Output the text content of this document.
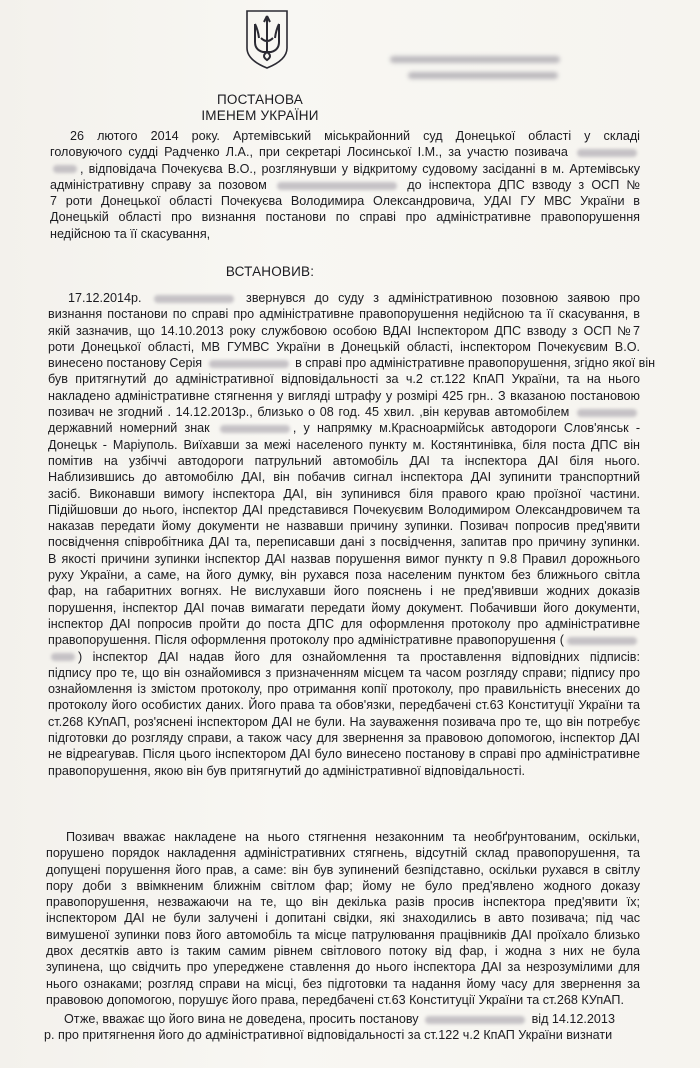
ПОСТАНОВА
ІМЕНЕМ УКРАЇНИ
26 лютого 2014 року. Артемівський міськрайонний суд Донецької області у складі
головуючого судді Радченко Л.А., при секретарі Лосинської І.М., за участю позивача
, відповідача Почекуєва В.О., розглянувши у відкритому судовому засіданні в м. Артемівську
адміністративну справу за позовом	до інспектора ДПС взводу з ОСП №
7 роти Донецької області Почекуєва Володимира Олександровича, УДАІ ГУ МВС України в
Донецькій області про визнання постанови по справі про адміністративне правопорушення
недійсною та її скасування,
ВСТАНОВИВ:
17.12.2014р.	звернувся до суду з адміністративною позовною заявою про
визнання постанови по справі про адміністративне правопорушення недійсною та її скасування, в
якій зазначив, що 14.10.2013 року службовою особою ВДАІ Інспектором ДПС взводу з ОСП №7
роти Донецької області, МВ ГУМВС України в Донецькій області, інспектором Почекуєвим В.О.
винесено постанову Серія	в справі про адміністративне правопорушення, згідно якої він
був притягнутий до адміністративної відповідальності за ч.2 ст.122 КпАП України, та на нього
накладено адміністративне стягнення у вигляді штрафу у розмірі 425 грн.. З вказаною постановою
позивач не згодний . 14.12.2013р., близько о 08 год. 45 хвил. ,він керував автомобілем
державний номерний знак	, у напрямку м.Красноармійськ автодороги Слов'янськ -
Донецьк - Маріуполь. Виїхавши за межі населеного пункту м. Костянтинівка, біля поста ДПС він
помітив на узбіччі автодороги патрульний автомобіль ДАІ та інспектора ДАІ біля нього.
Наблизившись до автомобілю ДАІ, він побачив сигнал інспектора ДАІ зупинити транспортний
засіб. Виконавши вимогу інспектора ДАІ, він зупинився біля правого краю проїзної частини.
Підійшовши до нього, інспектор ДАІ представився Почекуєвим Володимиром Олександровичем та
наказав передати йому документи не назвавши причину зупинки. Позивач попросив пред'явити
посвідчення співробітника ДАІ та, переписавши дані з посвідчення, запитав про причину зупинки.
В якості причини зупинки інспектор ДАІ назвав порушення вимог пункту п 9.8 Правил дорожнього
руху України, а саме, на його думку, він рухався поза населеним пунктом без ближнього світла
фар, на габаритних вогнях. Не вислухавши його пояснень і не пред'явивши жодних доказів
порушення, інспектор ДАІ почав вимагати передати йому документ. Побачивши його документи,
інспектор ДАІ попросив пройти до поста ДПС для оформлення протоколу про адміністративне
правопорушення. Після оформлення протоколу про адміністративне правопорушення (
) інспектор ДАІ надав його для ознайомлення та проставлення відповідних підписів:
підпису про те, що він ознайомився з призначенням місцем та часом розгляду справи; підпису про
ознайомлення із змістом протоколу, про отримання копії протоколу, про правильність внесених до
протоколу його особистих даних. Його права та обов'язки, передбачені ст.63 Конституції України та
ст.268 КУпАП, роз'яснені інспектором ДАІ не були. На зауваження позивача про те, що він потребує
підготовки до розгляду справи, а також часу для звернення за правовою допомогою, інспектор ДАІ
не відреагував. Після цього інспектором ДАІ було винесено постанову в справі про адміністративне
правопорушення, якою він був притягнутий до адміністративної відповідальності.
Позивач вважає накладене на нього стягнення незаконним та необґрунтованим, оскільки,
порушено порядок накладення адміністративних стягнень, відсутній склад правопорушення, та
допущені порушення його прав, а саме: він був зупинений безпідставно, оскільки рухався в світлу
пору доби з ввімкненим ближнім світлом фар; йому не було пред'явлено жодного доказу
правопорушення, незважаючи на те, що він декілька разів просив інспектора пред'явити їх;
інспектором ДАІ не були залучені і допитані свідки, які знаходились в авто позивача; під час
вимушеної зупинки повз його автомобіль та місце патрулювання працівників ДАІ проїхало близько
двох десятків авто із таким самим рівнем світлового потоку від фар, і жодна з них не була
зупинена, що свідчить про упереджене ставлення до нього інспектора ДАІ за незрозумілими для
нього ознаками; розгляд справи на місці, без підготовки та надання йому часу для звернення за
правовою допомогою, порушує його права, передбачені ст.63 Конституції України та ст.268 КУпАП.
Отже, вважає що його вина не доведена, просить постанову	від 14.12.2013
р. про притягнення його до адміністративної відповідальності за ст.122 ч.2 КпАП України визнати
